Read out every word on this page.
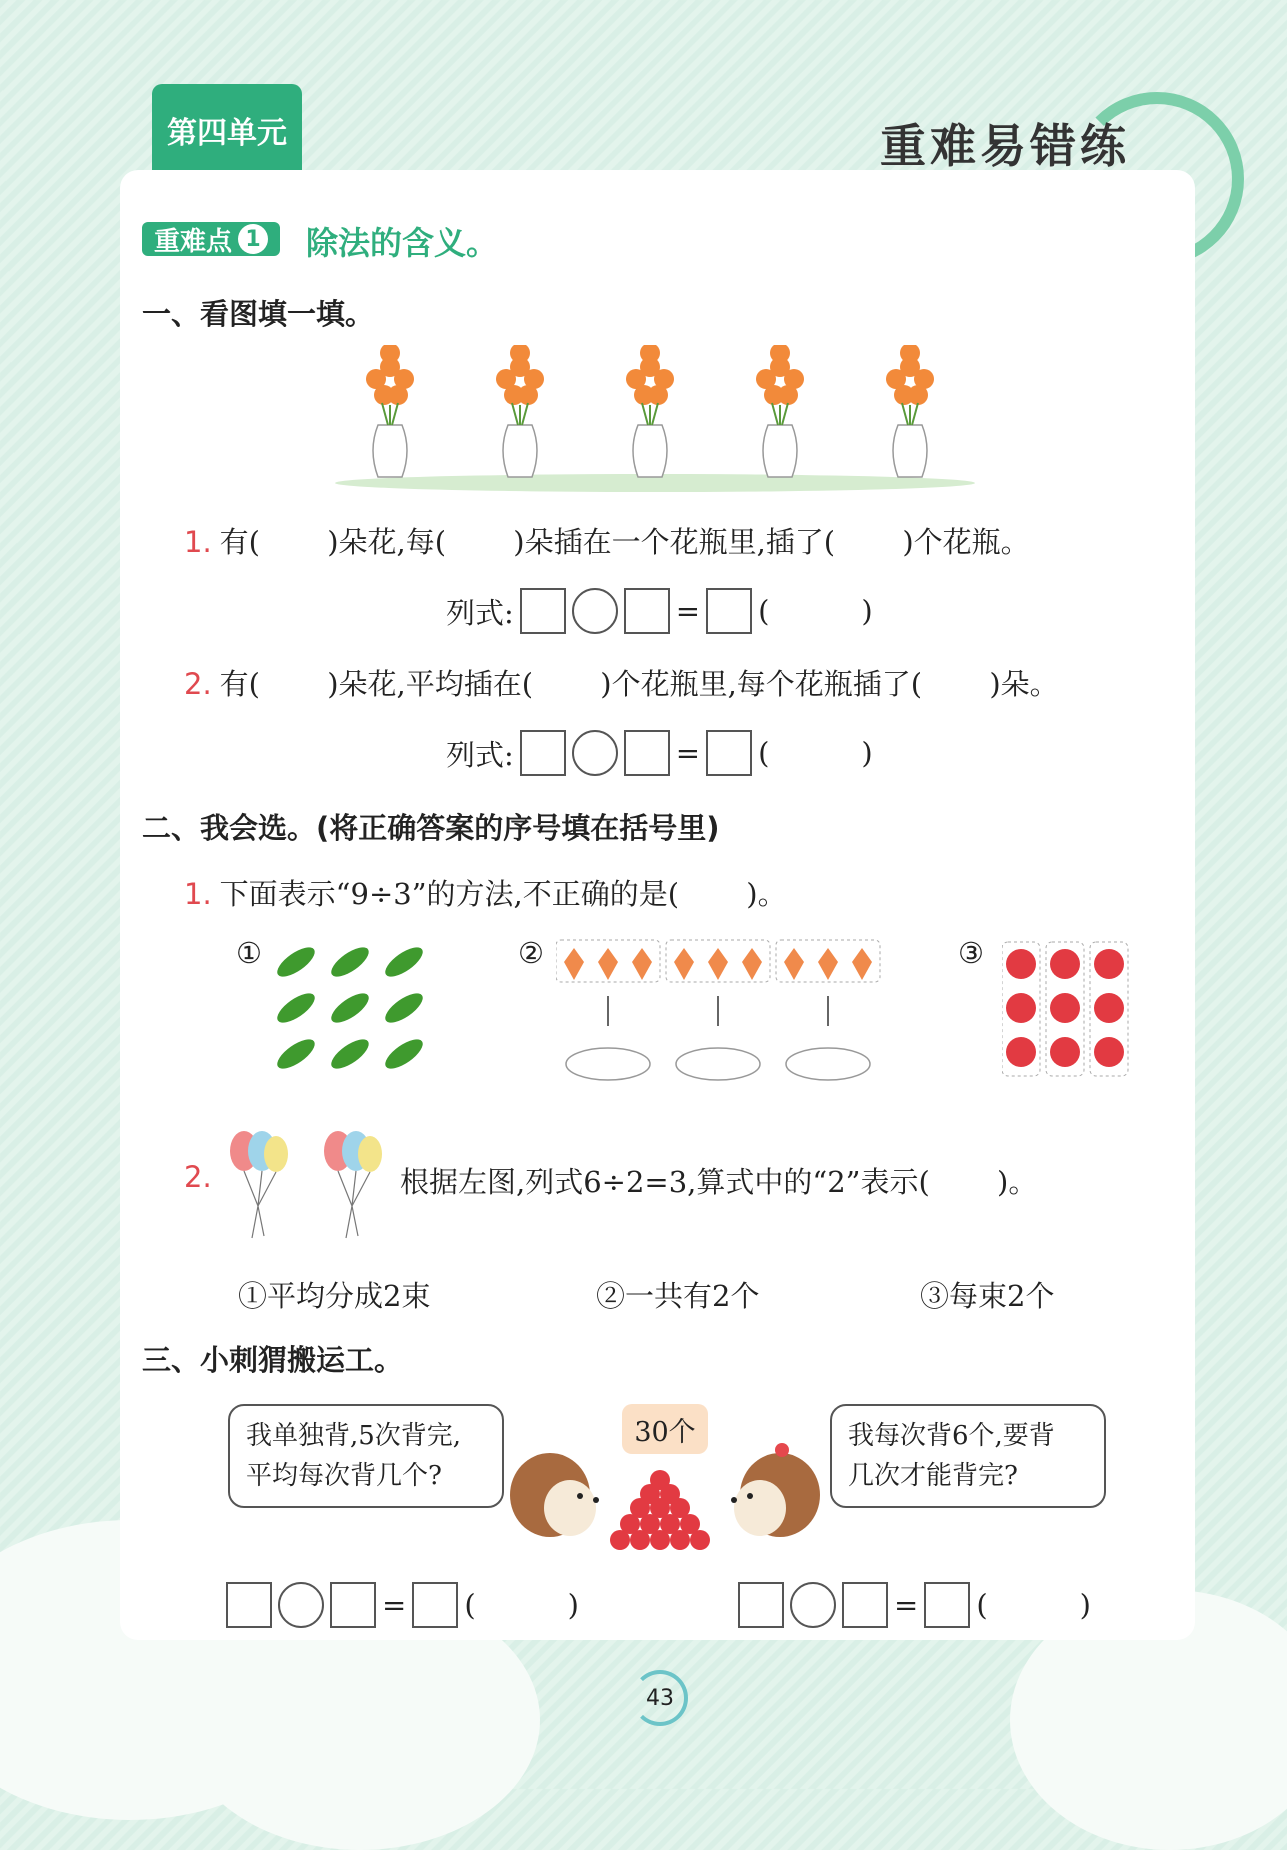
第四单元	重难易错练
重难点 1 除法的含义。
一、看图填一填。
1. 有(　　 )朵花,每(　　 )朵插在一个花瓶里,插了(　　 )个花瓶。
列式:	= (	)
2. 有(　　 )朵花,平均插在(　　 )个花瓶里,每个花瓶插了(　　 )朵。
列式:	= (	)
二、我会选。(将正确答案的序号填在括号里)
1. 下面表示“9÷3”的方法,不正确的是(　　 )。
①	②	③
2.	根据左图,列式6÷2=3,算式中的“2”表示(　　 )。
①平均分成2束	②一共有2个	③每束2个
三、小刺猬搬运工。
我单独背,5次背完,
平均每次背几个?
我每次背6个,要背
几次才能背完?
30个
= (	)	= (	)
43
